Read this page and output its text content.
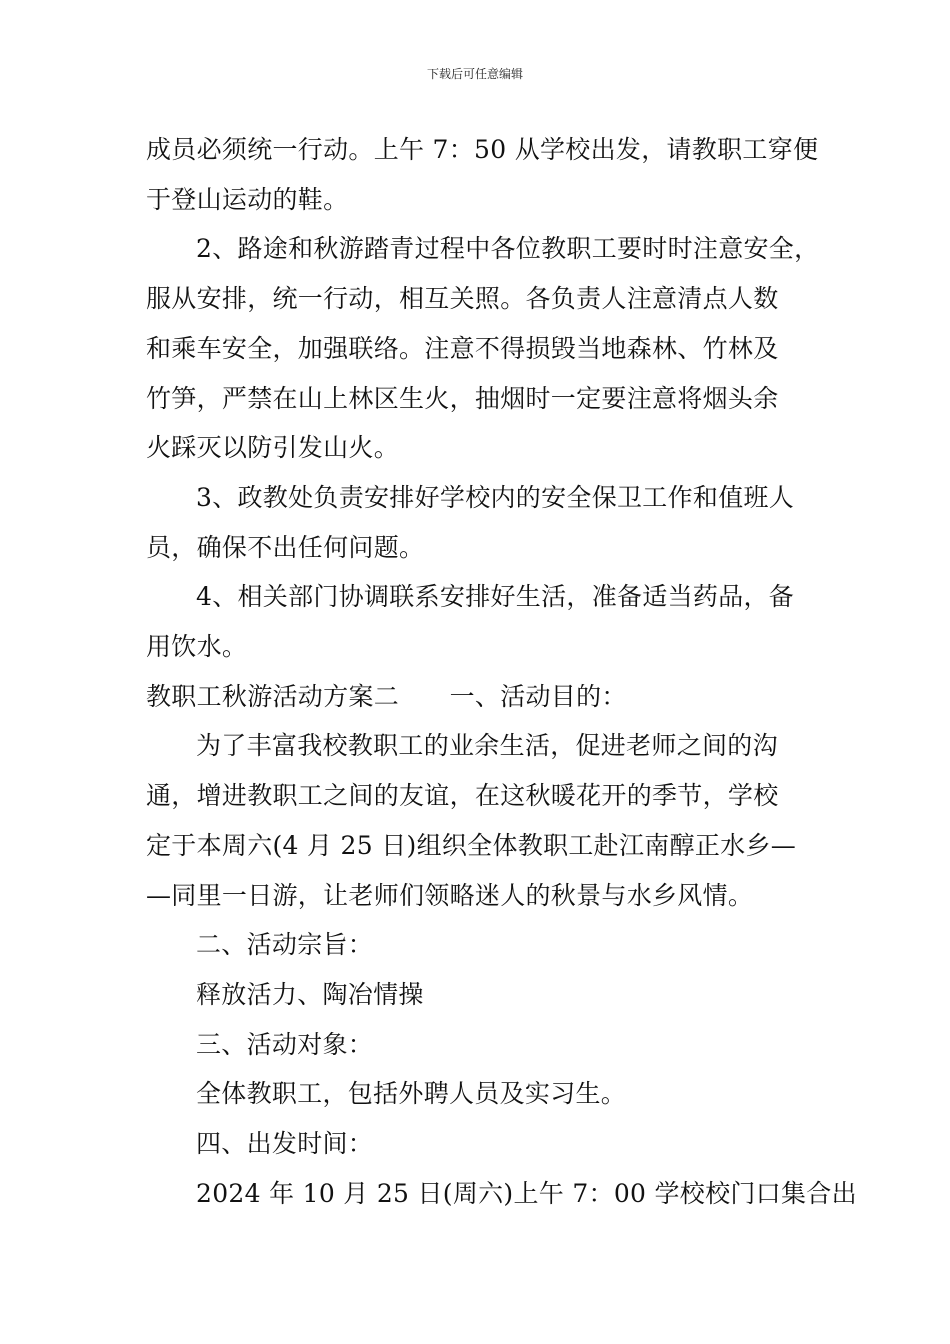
下载后可任意编辑

成员必须统一行动。上午 7：50 从学校出发，请教职工穿便
于登山运动的鞋。

2、路途和秋游踏青过程中各位教职工要时时注意安全，
服从安排，统一行动，相互关照。各负责人注意清点人数
和乘车安全，加强联络。注意不得损毁当地森林、竹林及
竹笋，严禁在山上林区生火，抽烟时一定要注意将烟头余
火踩灭以防引发山火。

3、政教处负责安排好学校内的安全保卫工作和值班人
员，确保不出任何问题。

4、相关部门协调联系安排好生活，准备适当药品，备
用饮水。

教职工秋游活动方案二　　一、活动目的：

为了丰富我校教职工的业余生活，促进老师之间的沟
通，增进教职工之间的友谊，在这秋暖花开的季节，学校
定于本周六(4 月 25 日)组织全体教职工赴江南醇正水乡—
—同里一日游，让老师们领略迷人的秋景与水乡风情。

二、活动宗旨：

释放活力、陶冶情操

三、活动对象：

全体教职工，包括外聘人员及实习生。

四、出发时间：

2024 年 10 月 25 日(周六)上午 7：00 学校校门口集合出
